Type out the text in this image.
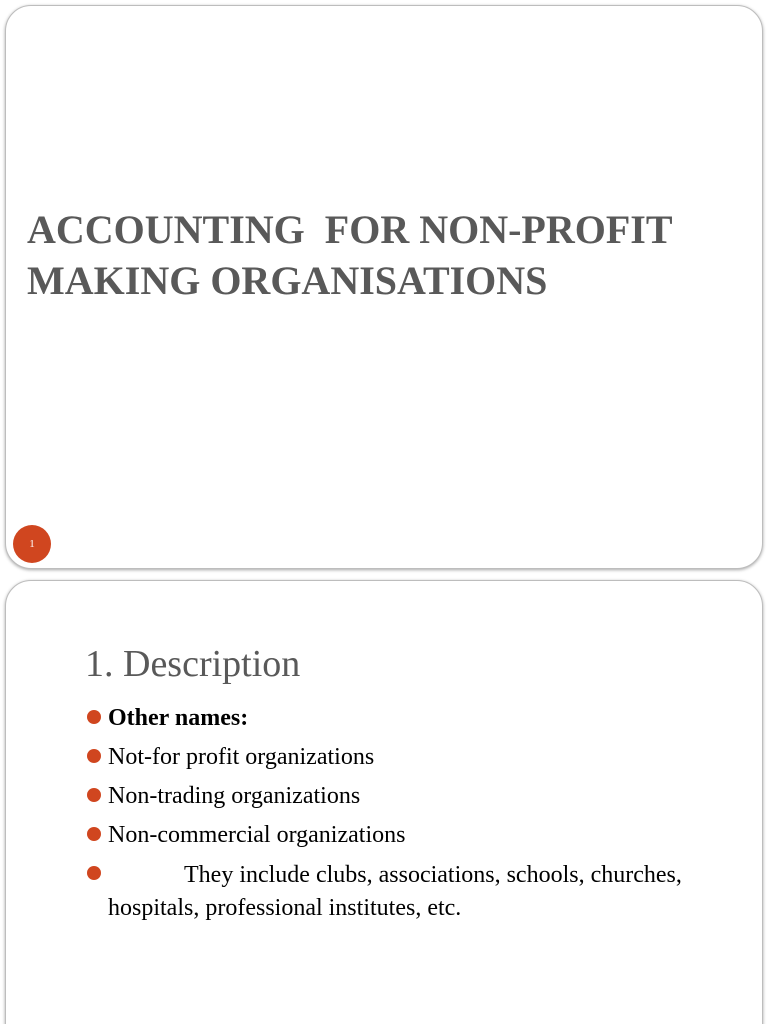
ACCOUNTING  FOR NON-PROFIT
MAKING ORGANISATIONS
1
1. Description
Other names:
Not-for profit organizations
Non-trading organizations
Non-commercial organizations
They include clubs, associations, schools, churches, hospitals, professional institutes, etc.
